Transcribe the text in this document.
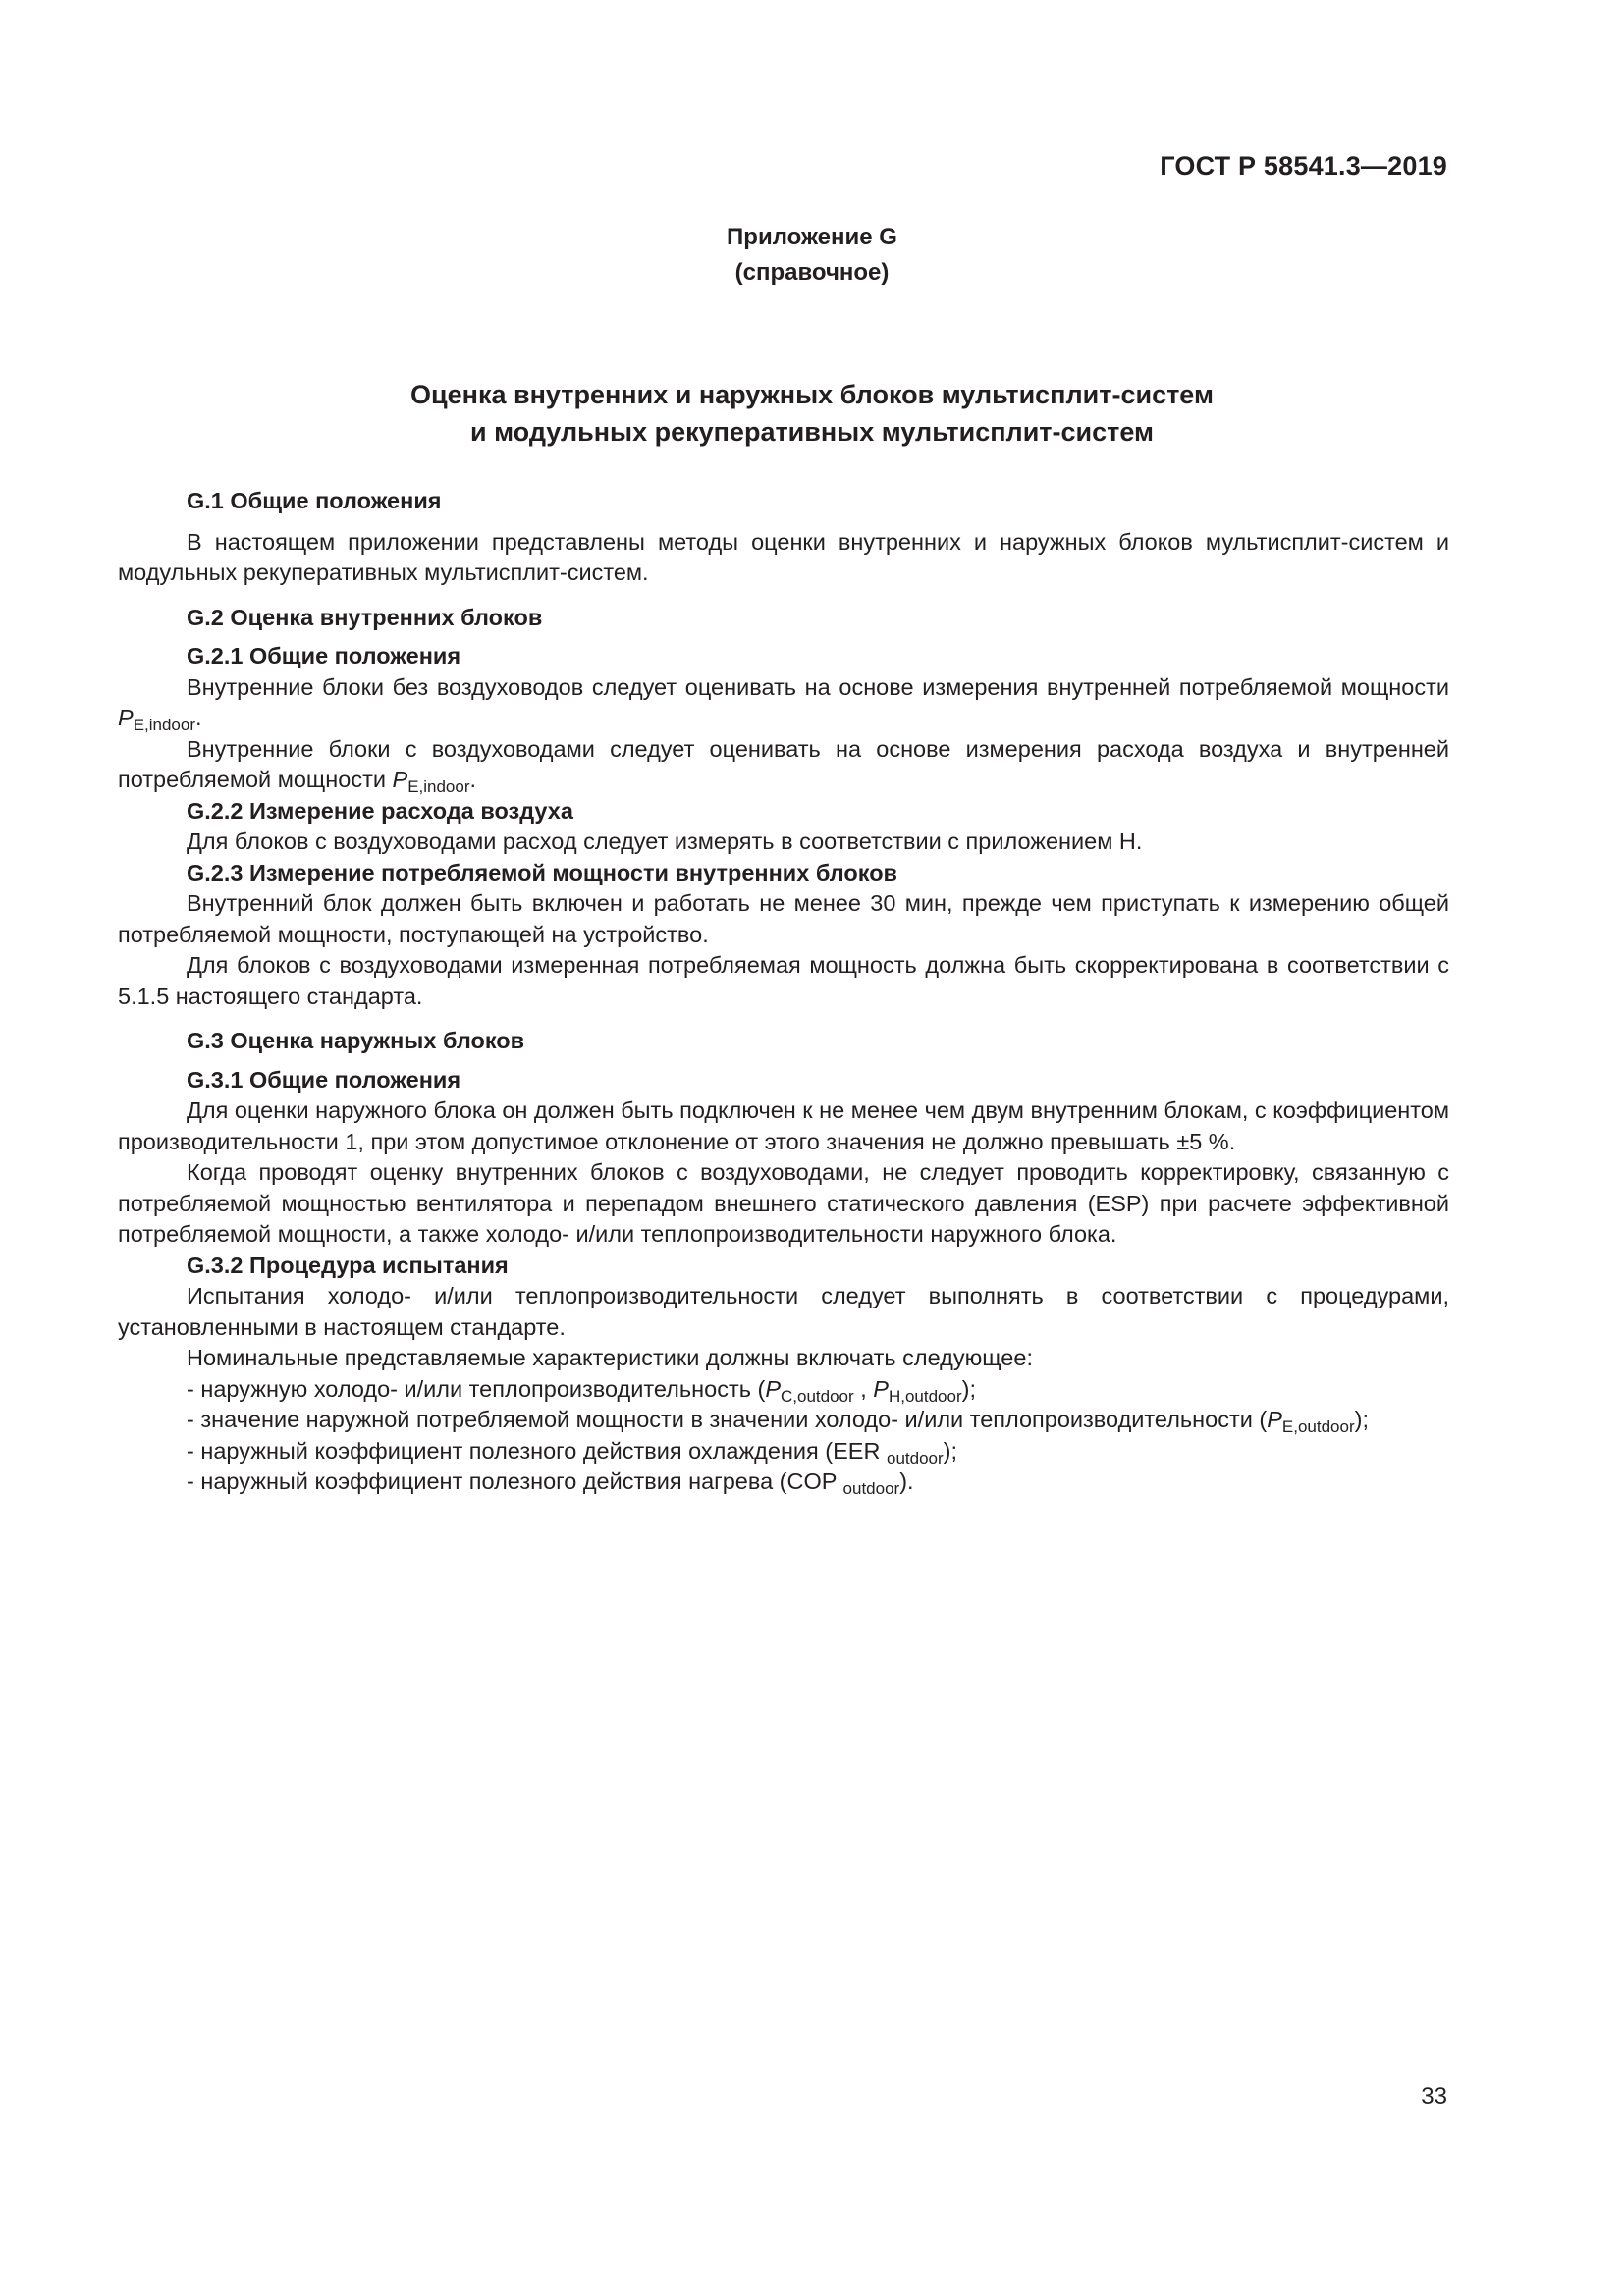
ГОСТ Р 58541.3—2019
Приложение G
(справочное)
Оценка внутренних и наружных блоков мультисплит-систем
и модульных рекуперативных мультисплит-систем

G.1 Общие положения

В настоящем приложении представлены методы оценки внутренних и наружных блоков мультисплит-систем и модульных рекуперативных мультисплит-систем.

G.2 Оценка внутренних блоков

G.2.1 Общие положения

Внутренние блоки без воздуховодов следует оценивать на основе измерения внутренней потребляемой мощности $P_{E,indoor}$.

Внутренние блоки с воздуховодами следует оценивать на основе измерения расхода воздуха и внутренней потребляемой мощности $P_{E,indoor}$.

G.2.2 Измерение расхода воздуха

Для блоков с воздуховодами расход следует измерять в соответствии с приложением Н.

G.2.3 Измерение потребляемой мощности внутренних блоков

Внутренний блок должен быть включен и работать не менее 30 мин, прежде чем приступать к измерению общей потребляемой мощности, поступающей на устройство.

Для блоков с воздуховодами измеренная потребляемая мощность должна быть скорректирована в соответствии с 5.1.5 настоящего стандарта.

G.3 Оценка наружных блоков

G.3.1 Общие положения

Для оценки наружного блока он должен быть подключен к не менее чем двум внутренним блокам, с коэффициентом производительности 1, при этом допустимое отклонение от этого значения не должно превышать ±5 %.

Когда проводят оценку внутренних блоков с воздуховодами, не следует проводить корректировку, связанную с потребляемой мощностью вентилятора и перепадом внешнего статического давления (ESP) при расчете эффективной потребляемой мощности, а также холодо- и/или теплопроизводительности наружного блока.

G.3.2 Процедура испытания

Испытания холодо- и/или теплопроизводительности следует выполнять в соответствии с процедурами, установленными в настоящем стандарте.

Номинальные представляемые характеристики должны включать следующее:

- наружную холодо- и/или теплопроизводительность ($P_{C,outdoor}$ , $P_{H,outdoor}$);

- значение наружной потребляемой мощности в значении холодо- и/или теплопроизводительности $(P_{E,outdoor})$;

- наружный коэффициент полезного действия охлаждения (EER $_{outdoor}$);

- наружный коэффициент полезного действия нагрева (COP $_{outdoor}$).

33
